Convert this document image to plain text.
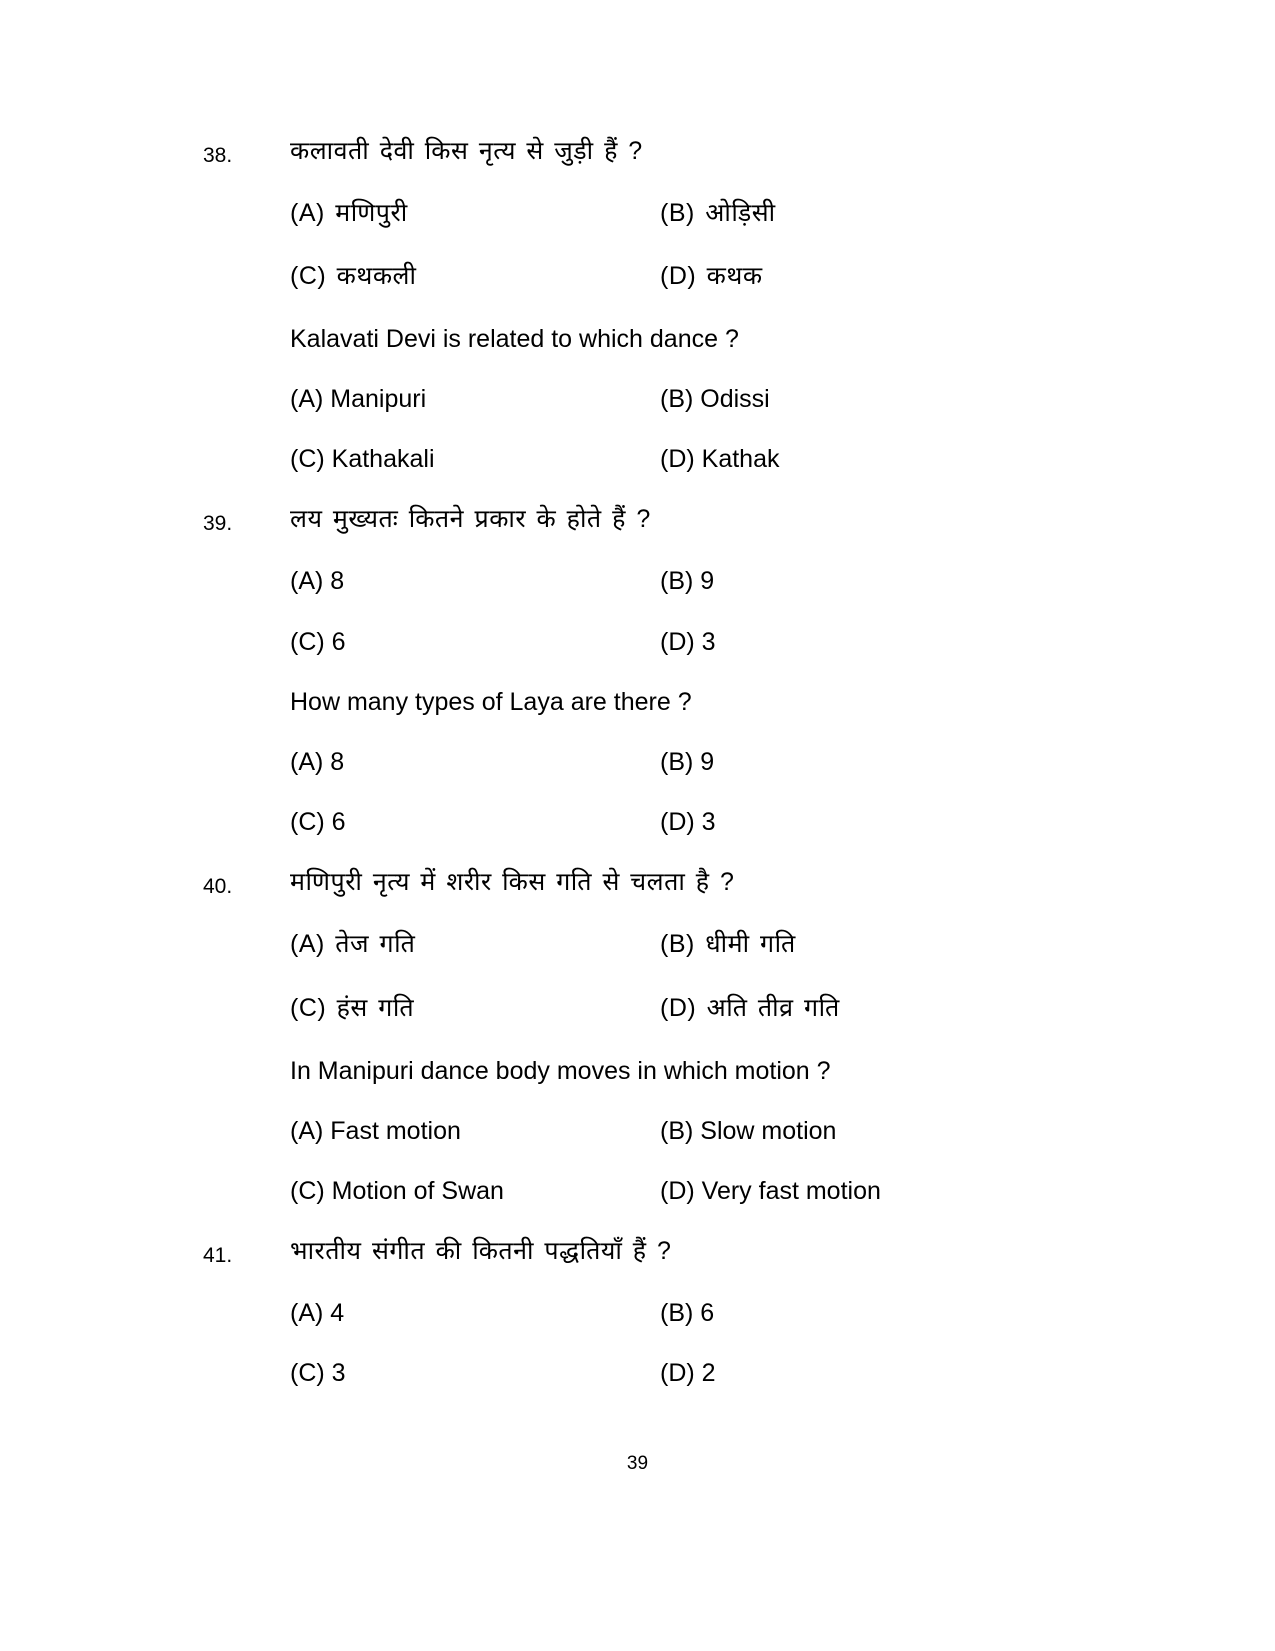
38. कलावती देवी किस नृत्य से जुड़ी हैं ?
(A) मणिपुरी	(B) ओड़िसी
(C) कथकली	(D) कथक
Kalavati Devi is related to which dance ?
(A) Manipuri	(B) Odissi
(C) Kathakali	(D) Kathak
39. लय मुख्यतः कितने प्रकार के होते हैं ?
(A) 8	(B) 9
(C) 6	(D) 3
How many types of Laya are there ?
(A) 8	(B) 9
(C) 6	(D) 3
40. मणिपुरी नृत्य में शरीर किस गति से चलता है ?
(A) तेज गति	(B) धीमी गति
(C) हंस गति	(D) अति तीव्र गति
In Manipuri dance body moves in which motion ?
(A) Fast motion	(B) Slow motion
(C) Motion of Swan	(D) Very fast motion
41. भारतीय संगीत की कितनी पद्धतियाँ हैं ?
(A) 4	(B) 6
(C) 3	(D) 2
39
